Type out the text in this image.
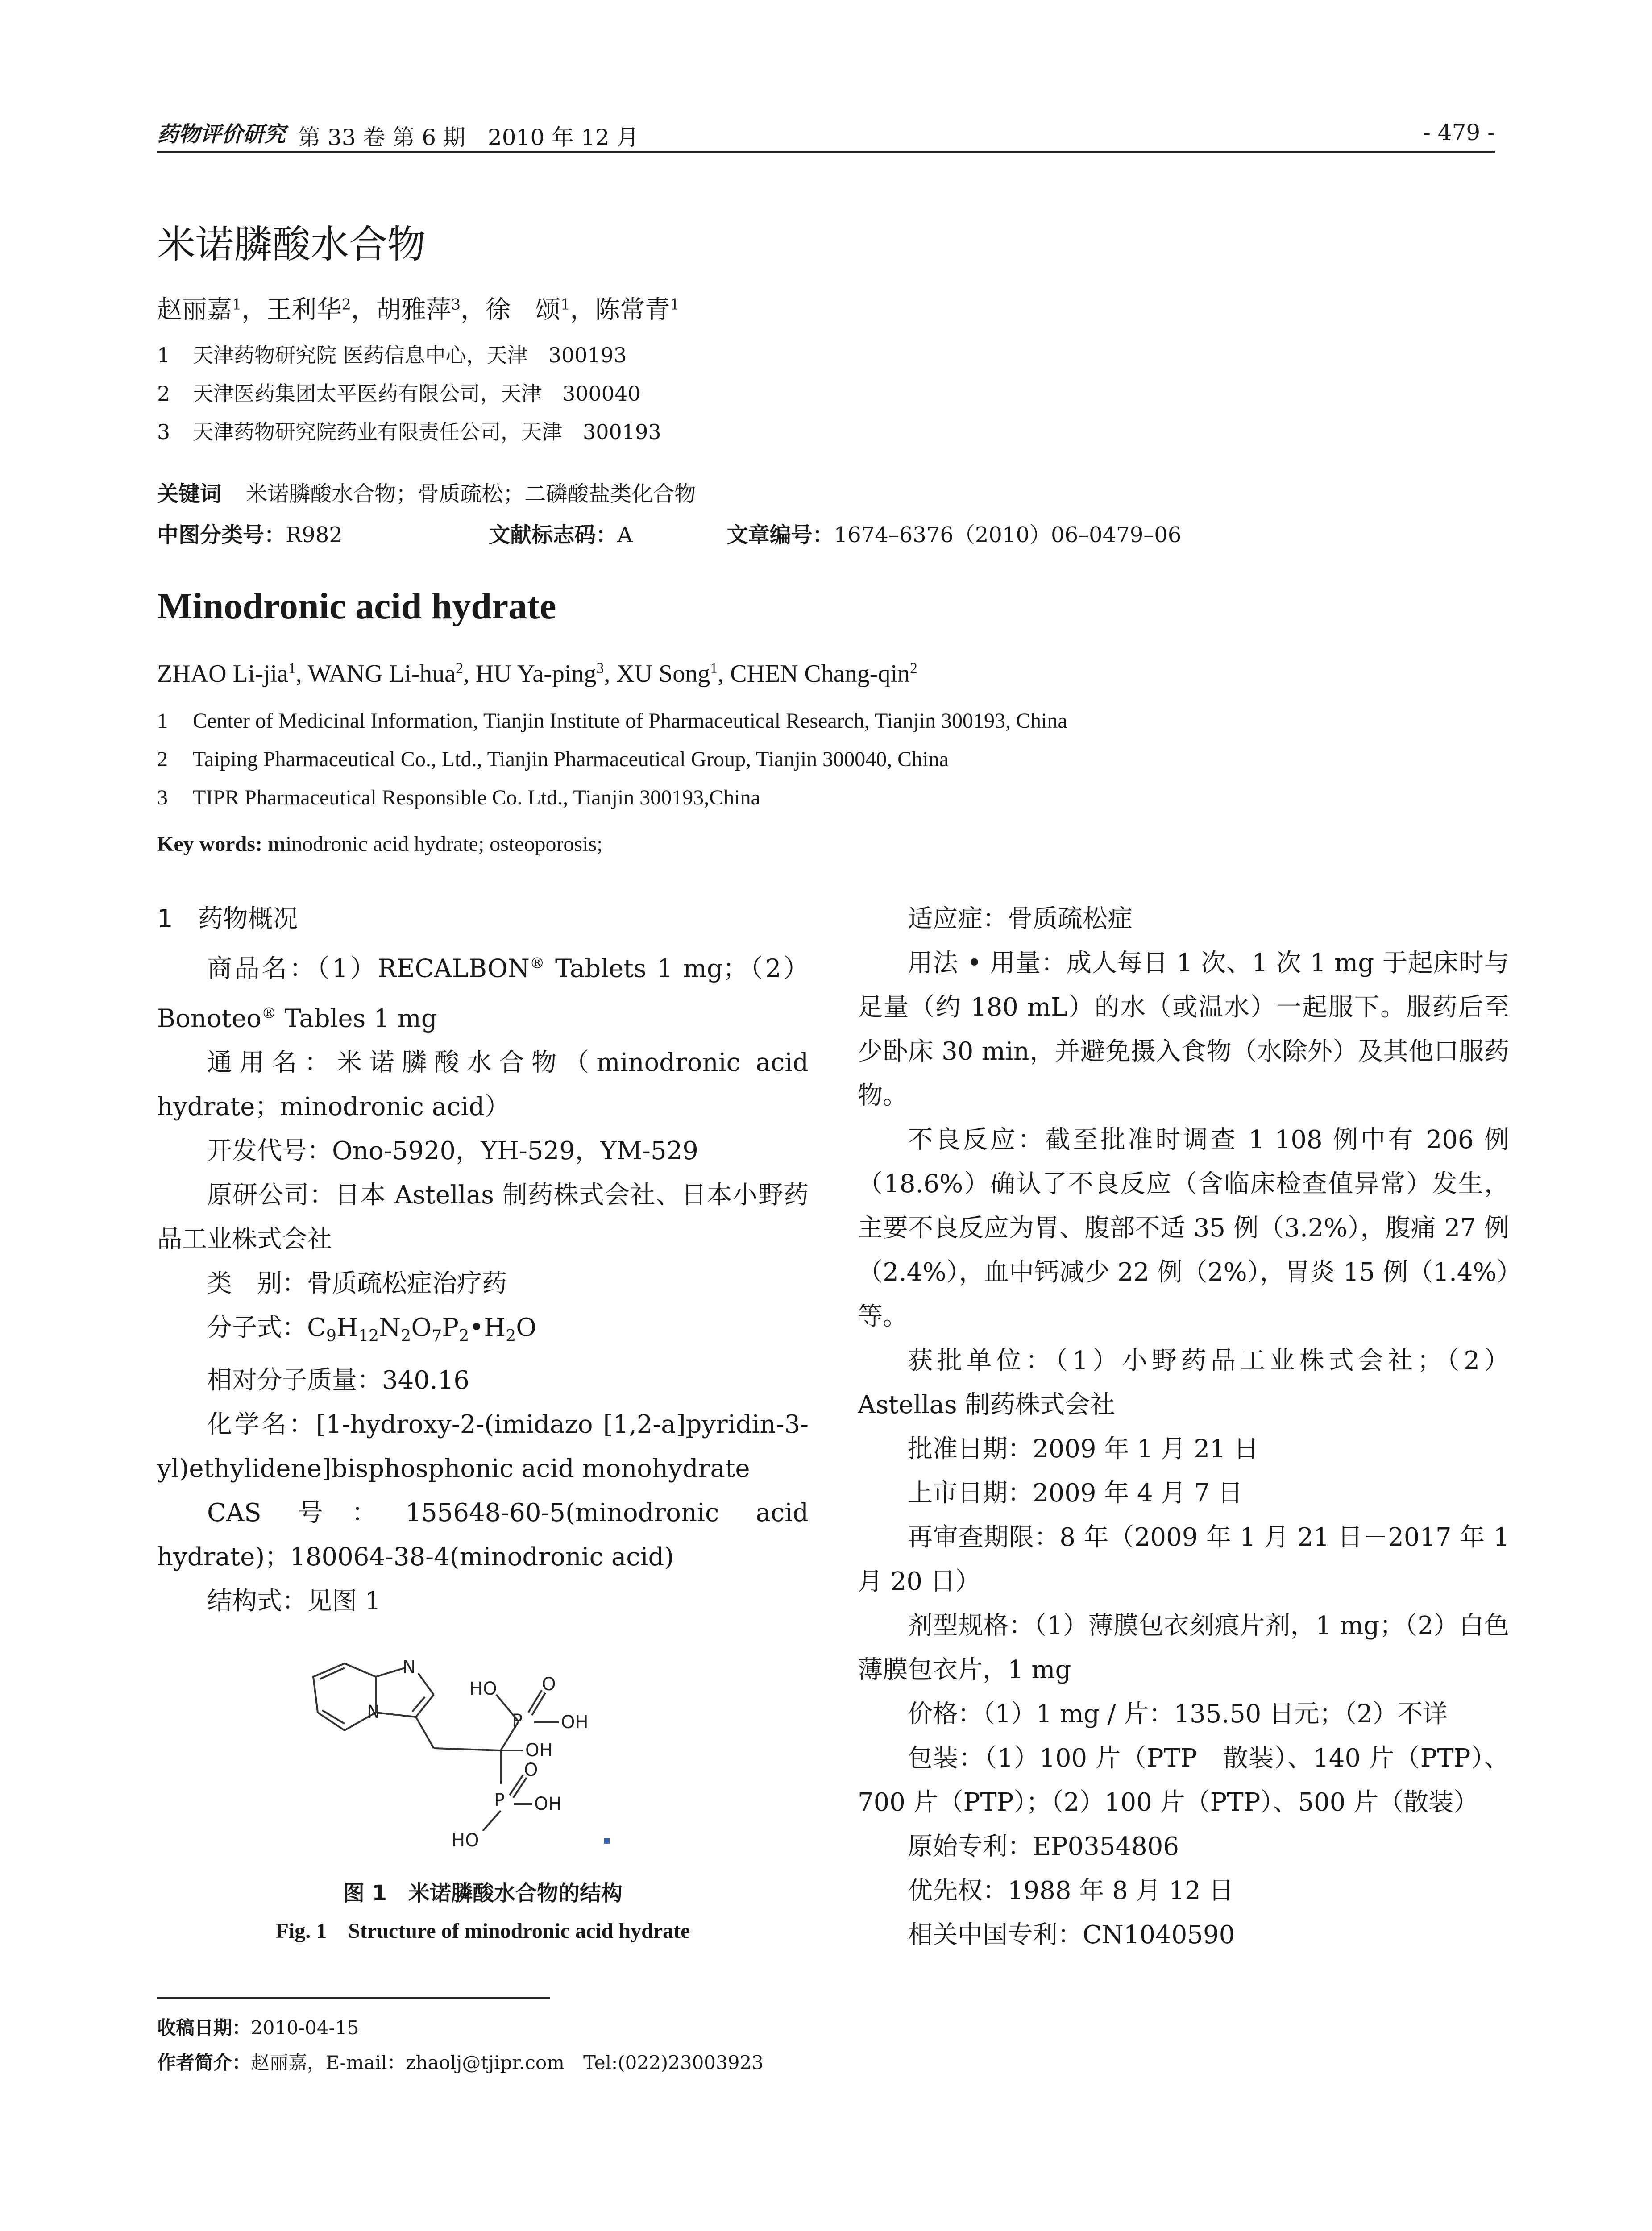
药物评价研究 第 33 卷 第 6 期　2010 年 12 月	- 479 -
米诺膦酸水合物
赵丽嘉$^1$，王利华$^2$，胡雅萍$^3$，徐　颂$^1$，陈常青$^1$
1 天津药物研究院 医药信息中心，天津　300193
2 天津医药集团太平医药有限公司，天津　300040
3 天津药物研究院药业有限责任公司，天津　300193
关键词 米诺膦酸水合物；骨质疏松；二磷酸盐类化合物
中图分类号：R982	文献标志码：A	文章编号：1674–6376（2010）06–0479–06
Minodronic acid hydrate
ZHAO Li-jia$^1$, WANG Li-hua$^2$, HU Ya-ping$^3$, XU Song$^1$, CHEN Chang-qin$^2$
1 Center of Medicinal Information, Tianjin Institute of Pharmaceutical Research, Tianjin 300193, China
2 Taiping Pharmaceutical Co., Ltd., Tianjin Pharmaceutical Group, Tianjin 300040, China
3 TIPR Pharmaceutical Responsible Co. Ltd., Tianjin 300193,China
Key words: minodronic acid hydrate; osteoporosis;

1　药物概况

商品名：（1）RECALBON® Tablets 1 mg；（2）Bonoteo® Tables 1 mg

通用名：米诺膦酸水合物（minodronic acid hydrate；minodronic acid）

开发代号：Ono-5920，YH-529，YM-529

原研公司：日本 Astellas 制药株式会社、日本小野药品工业株式会社

类　别：骨质疏松症治疗药

分子式：$C_9H_{12}N_2O_7P_2•H_2O$

相对分子质量：340.16

化学名：[1-hydroxy-2-(imidazo [1,2-a]pyridin-3-yl)ethylidene]bisphosphonic acid monohydrate

CAS 号：155648-60-5(minodronic acid hydrate)；180064-38-4(minodronic acid)

结构式：见图 1

N
N
HO
P
O
OH
OH
P
O
OH
HO
图 1　米诺膦酸水合物的结构
Fig. 1　Structure of minodronic acid hydrate

适应症：骨质疏松症

用法 • 用量：成人每日 1 次、1 次 1 mg 于起床时与足量（约 180 mL）的水（或温水）一起服下。服药后至少卧床 30 min，并避免摄入食物（水除外）及其他口服药物。

不良反应：截至批准时调查 1 108 例中有 206 例（18.6%）确认了不良反应（含临床检查值异常）发生，主要不良反应为胃、腹部不适 35 例（3.2%），腹痛 27 例（2.4%），血中钙减少 22 例（2%），胃炎 15 例（1.4%）等。

获批单位：（1）小野药品工业株式会社；（2）Astellas 制药株式会社

批准日期：2009 年 1 月 21 日

上市日期：2009 年 4 月 7 日

再审查期限：8 年（2009 年 1 月 21 日－2017 年 1 月 20 日）

剂型规格：（1）薄膜包衣刻痕片剂，1 mg；（2）白色薄膜包衣片，1 mg

价格：（1）1 mg / 片：135.50 日元；（2）不详

包装：（1）100 片（PTP　散装）、140 片（PTP）、700 片（PTP）；（2）100 片（PTP）、500 片（散装）

原始专利：EP0354806

优先权：1988 年 8 月 12 日

相关中国专利：CN1040590

收稿日期：2010-04-15
作者简介：赵丽嘉，E-mail：zhaolj@tjipr.com　Tel:(022)23003923
